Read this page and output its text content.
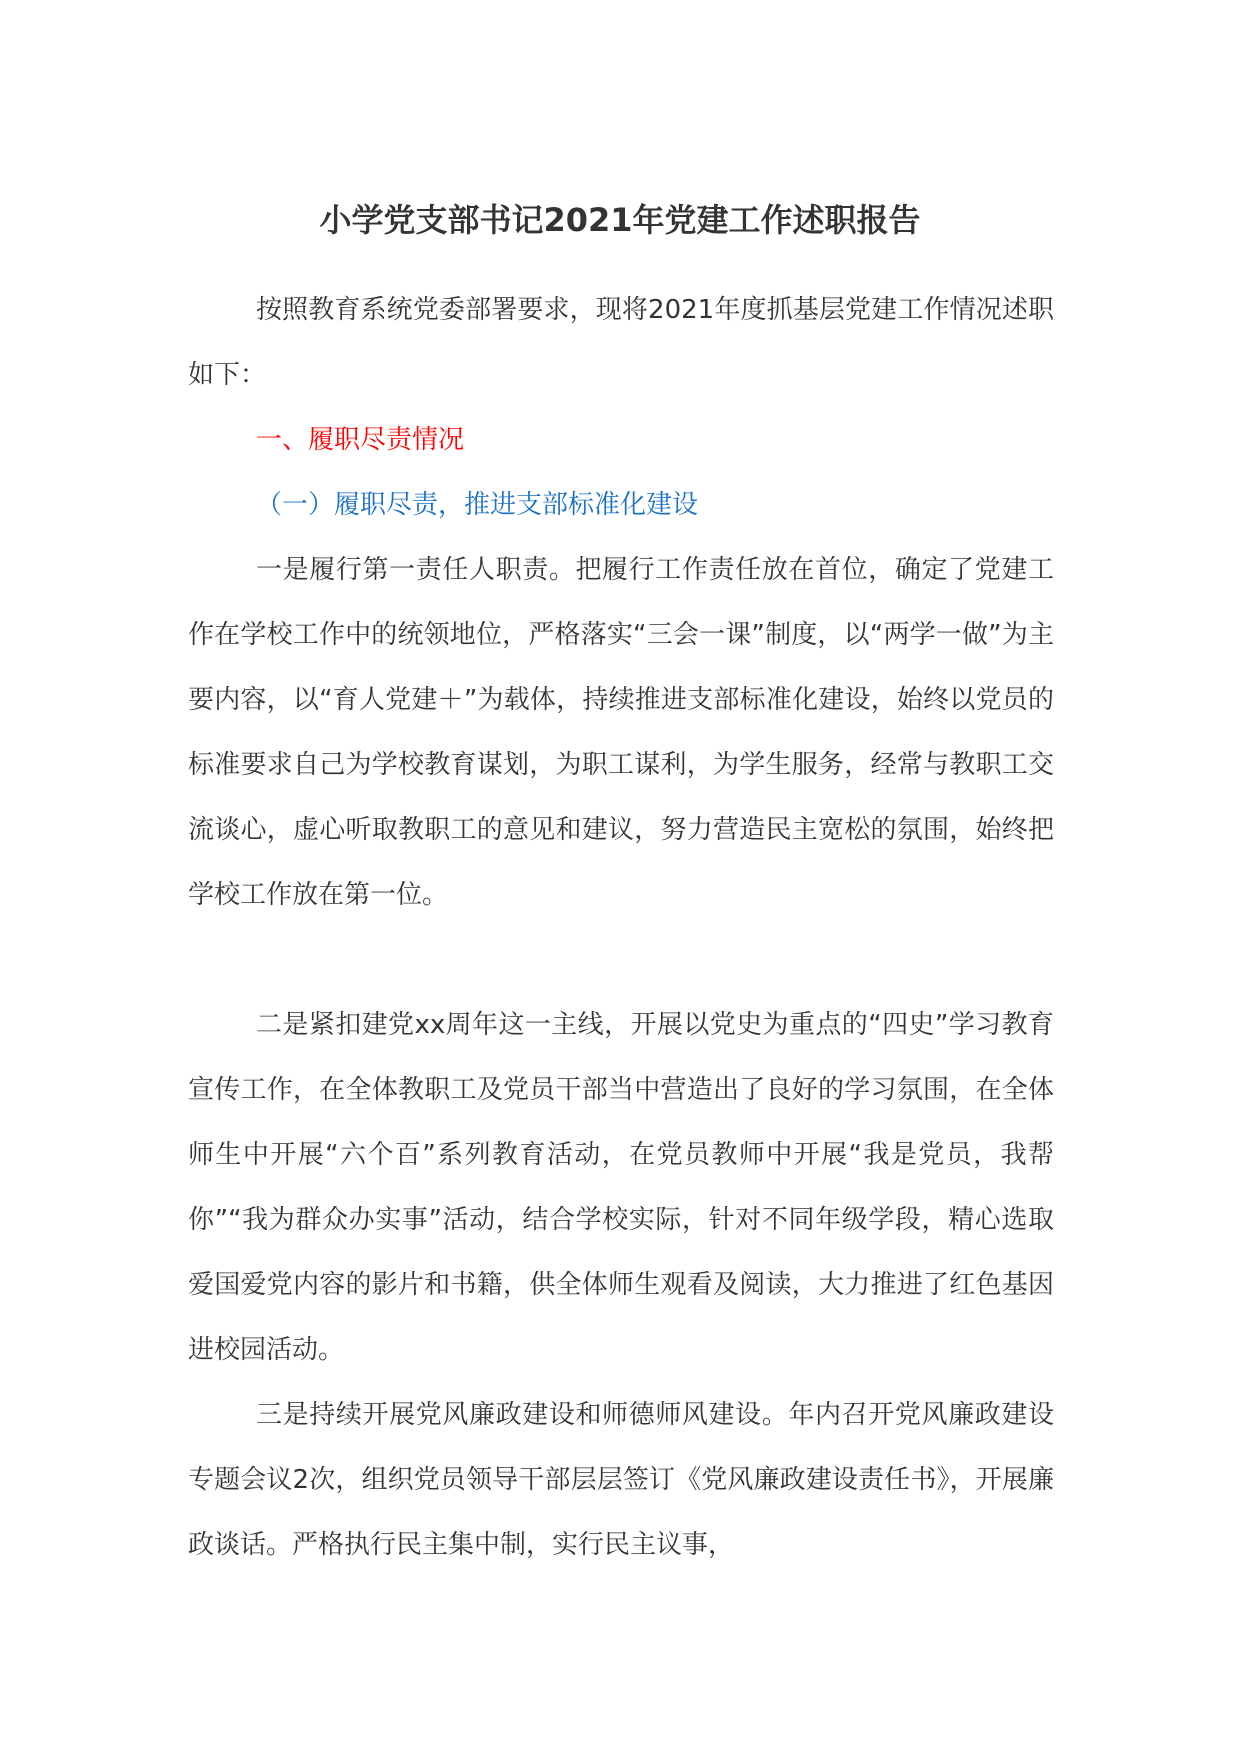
小学党支部书记2021年党建工作述职报告
按照教育系统党委部署要求，现将2021年度抓基层党建工作情况述职如下：
一、履职尽责情况
（一）履职尽责，推进支部标准化建设
一是履行第一责任人职责。把履行工作责任放在首位，确定了党建工作在学校工作中的统领地位，严格落实“三会一课”制度，以“两学一做”为主要内容，以“育人党建＋”为载体，持续推进支部标准化建设，始终以党员的标准要求自己为学校教育谋划，为职工谋利，为学生服务，经常与教职工交流谈心，虚心听取教职工的意见和建议，努力营造民主宽松的氛围，始终把学校工作放在第一位。
二是紧扣建党xx周年这一主线，开展以党史为重点的“四史”学习教育宣传工作，在全体教职工及党员干部当中营造出了良好的学习氛围，在全体师生中开展“六个百”系列教育活动，在党员教师中开展“我是党员，我帮你”“我为群众办实事”活动，结合学校实际，针对不同年级学段，精心选取爱国爱党内容的影片和书籍，供全体师生观看及阅读，大力推进了红色基因进校园活动。
三是持续开展党风廉政建设和师德师风建设。年内召开党风廉政建设专题会议2次，组织党员领导干部层层签订《党风廉政建设责任书》，开展廉政谈话。严格执行民主集中制，实行民主议事，
